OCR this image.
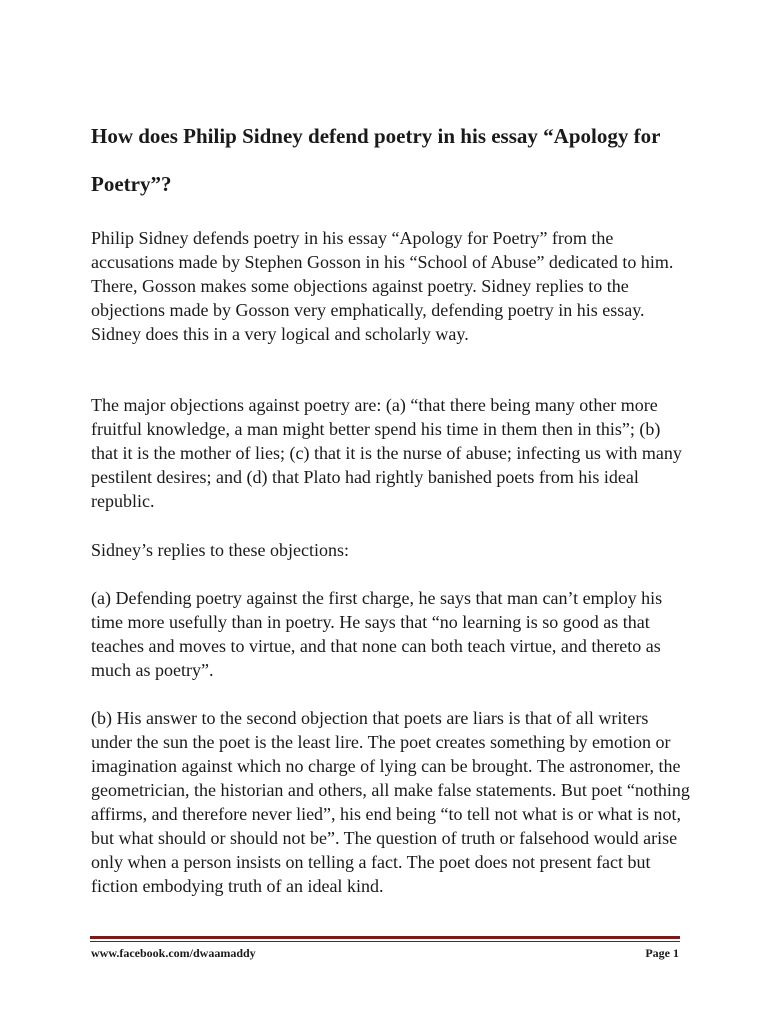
How does Philip Sidney defend poetry in his essay “Apology for Poetry”?

Philip Sidney defends poetry in his essay “Apology for Poetry” from the accusations made by Stephen Gosson in his “School of Abuse” dedicated to him. There, Gosson makes some objections against poetry. Sidney replies to the objections made by Gosson very emphatically, defending poetry in his essay. Sidney does this in a very logical and scholarly way.

The major objections against poetry are: (a) “that there being many other more fruitful knowledge, a man might better spend his time in them then in this”; (b) that it is the mother of lies; (c) that it is the nurse of abuse; infecting us with many pestilent desires; and (d) that Plato had rightly banished poets from his ideal republic.

Sidney’s replies to these objections:

(a) Defending poetry against the first charge, he says that man can’t employ his time more usefully than in poetry. He says that “no learning is so good as that teaches and moves to virtue, and that none can both teach virtue, and thereto as much as poetry”.

(b) His answer to the second objection that poets are liars is that of all writers under the sun the poet is the least lire. The poet creates something by emotion or imagination against which no charge of lying can be brought. The astronomer, the geometrician, the historian and others, all make false statements. But poet “nothing affirms, and therefore never lied”, his end being “to tell not what is or what is not, but what should or should not be”. The question of truth or falsehood would arise only when a person insists on telling a fact. The poet does not present fact but fiction embodying truth of an ideal kind.

www.facebook.com/dwaamaddy	Page 1
